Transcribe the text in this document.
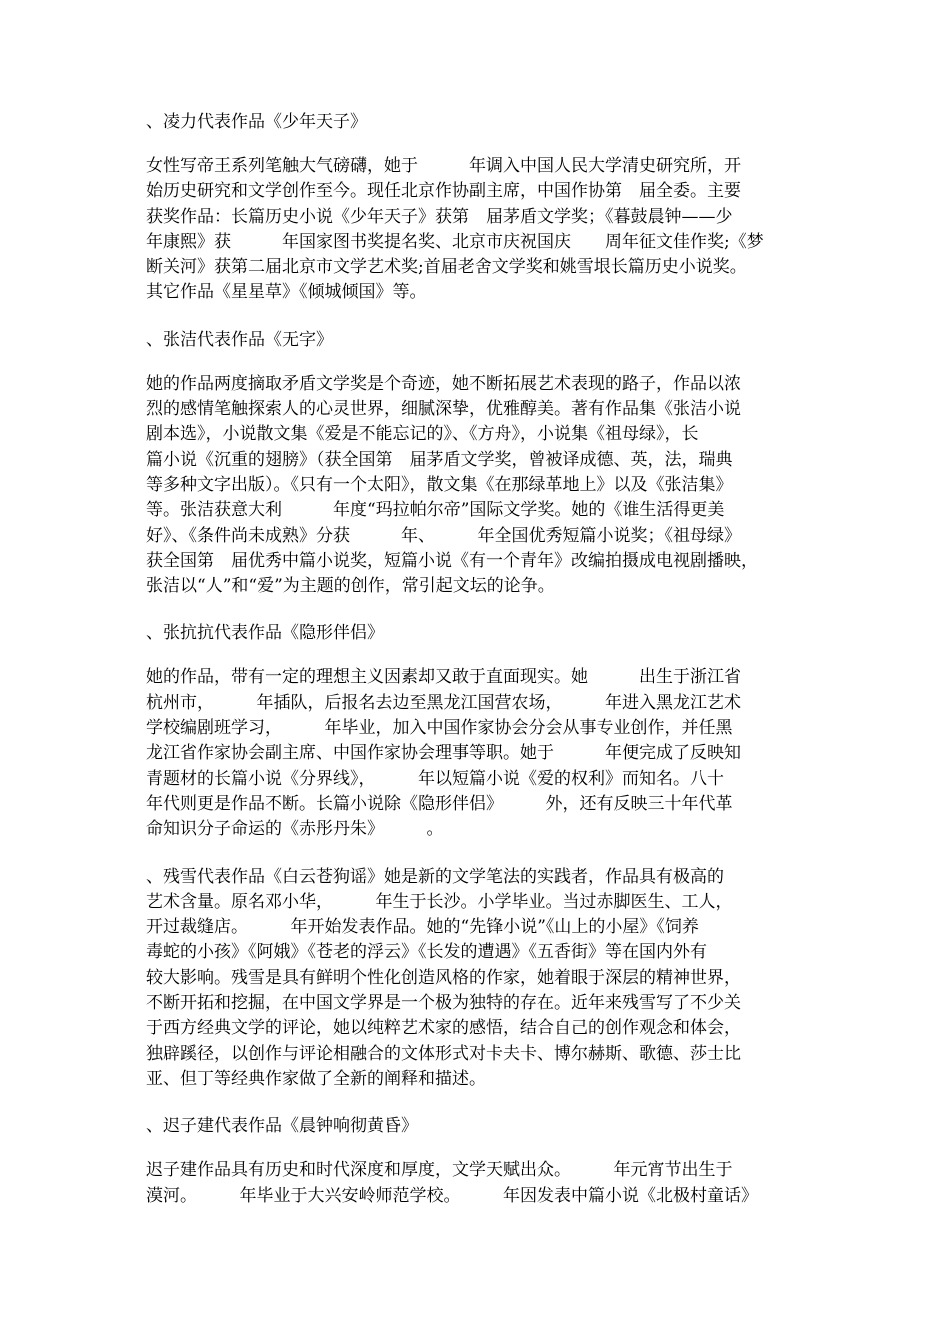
、凌力代表作品《少年天子》
女性写帝王系列笔触大气磅礴，她于　　　年调入中国人民大学清史研究所，开
始历史研究和文学创作至今。现任北京作协副主席，中国作协第　届全委。主要
获奖作品：长篇历史小说《少年天子》获第　届茅盾文学奖；《暮鼓晨钟——少
年康熙》获　　　年国家图书奖提名奖、北京市庆祝国庆　　周年征文佳作奖;《梦
断关河》获第二届北京市文学艺术奖;首届老舍文学奖和姚雪垠长篇历史小说奖。
其它作品《星星草》《倾城倾国》等。
、张洁代表作品《无字》
她的作品两度摘取矛盾文学奖是个奇迹，她不断拓展艺术表现的路子，作品以浓
烈的感情笔触探索人的心灵世界，细腻深挚，优雅醇美。著有作品集《张洁小说
剧本选》，小说散文集《爱是不能忘记的》、《方舟》，小说集《祖母绿》，长
篇小说《沉重的翅膀》（获全国第　届茅盾文学奖，曾被译成德、英，法，瑞典
等多种文字出版）。《只有一个太阳》，散文集《在那绿革地上》以及《张洁集》
等。张洁获意大利　　　年度“玛拉帕尔帝”国际文学奖。她的《谁生活得更美
好》、《条件尚未成熟》分获　　　年、　　　年全国优秀短篇小说奖；《祖母绿》
获全国第　届优秀中篇小说奖，短篇小说《有一个青年》改编拍摄成电视剧播映，
张洁以“人”和“爱”为主题的创作，常引起文坛的论争。
、张抗抗代表作品《隐形伴侣》
她的作品，带有一定的理想主义因素却又敢于直面现实。她　　　出生于浙江省
杭州市，　　　年插队，后报名去边至黑龙江国营农场，　　　年进入黑龙江艺术
学校编剧班学习，　　　年毕业，加入中国作家协会分会从事专业创作，并任黑
龙江省作家协会副主席、中国作家协会理事等职。她于　　　年便完成了反映知
青题材的长篇小说《分界线》，　　　年以短篇小说《爱的权利》而知名。八十
年代则更是作品不断。长篇小说除《隐形伴侣》　　　外，还有反映三十年代革
命知识分子命运的《赤彤丹朱》　　　。
、残雪代表作品《白云苍狗谣》她是新的文学笔法的实践者，作品具有极高的
艺术含量。原名邓小华，　　　年生于长沙。小学毕业。当过赤脚医生、工人，
开过裁缝店。　　　年开始发表作品。她的“先锋小说”《山上的小屋》《饲养
毒蛇的小孩》《阿娥》《苍老的浮云》《长发的遭遇》《五香街》等在国内外有
较大影响。残雪是具有鲜明个性化创造风格的作家，她着眼于深层的精神世界，
不断开拓和挖掘，在中国文学界是一个极为独特的存在。近年来残雪写了不少关
于西方经典文学的评论，她以纯粹艺术家的感悟，结合自己的创作观念和体会，
独辟蹊径，以创作与评论相融合的文体形式对卡夫卡、博尔赫斯、歌德、莎士比
亚、但丁等经典作家做了全新的阐释和描述。
、迟子建代表作品《晨钟响彻黄昏》
迟子建作品具有历史和时代深度和厚度，文学天赋出众。　　　年元宵节出生于
漠河。　　　年毕业于大兴安岭师范学校。　　　年因发表中篇小说《北极村童话》
